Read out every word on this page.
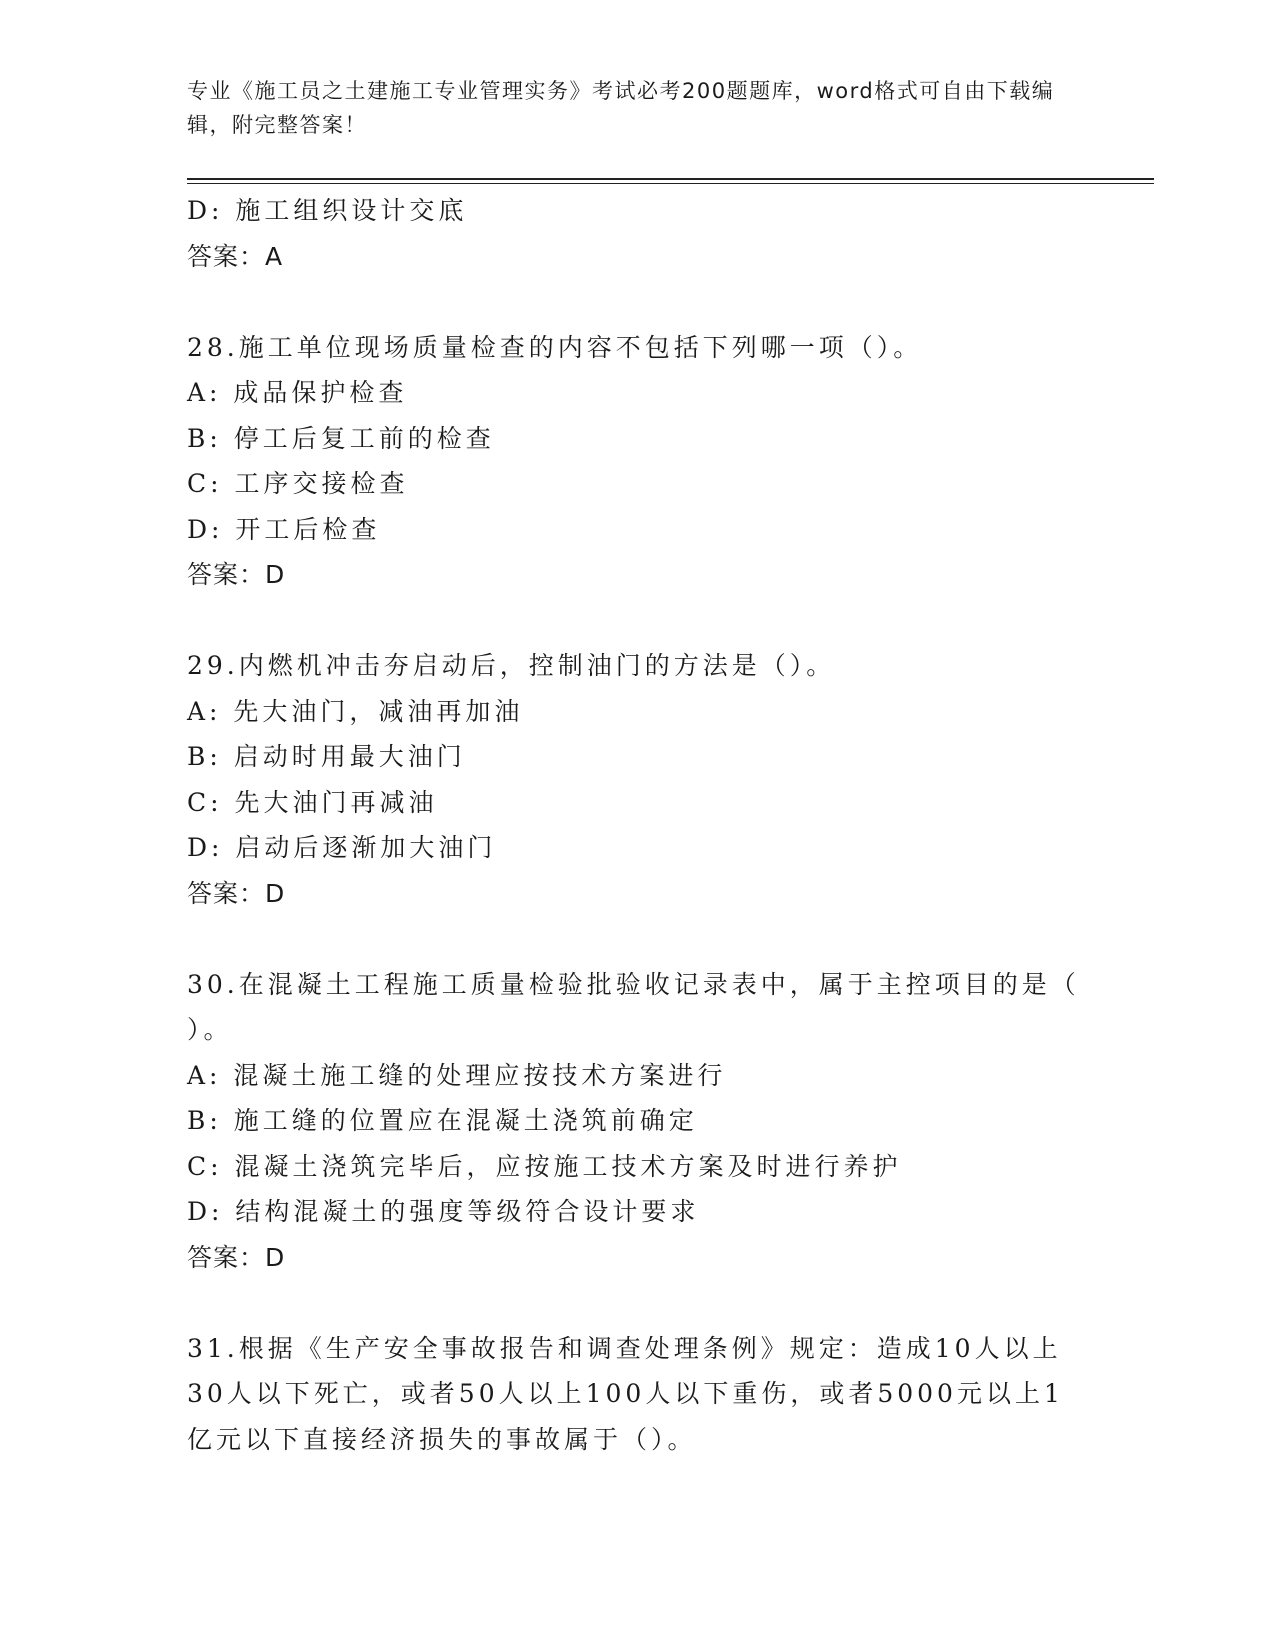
专业《施工员之土建施工专业管理实务》考试必考200题题库，word格式可自由下载编辑，附完整答案！
D: 施工组织设计交底
答案：A
28.施工单位现场质量检查的内容不包括下列哪一项（）。
A: 成品保护检查
B: 停工后复工前的检查
C: 工序交接检查
D: 开工后检查
答案：D
29.内燃机冲击夯启动后，控制油门的方法是（）。
A: 先大油门，减油再加油
B: 启动时用最大油门
C: 先大油门再减油
D: 启动后逐渐加大油门
答案：D
30.在混凝土工程施工质量检验批验收记录表中，属于主控项目的是（
）。
A: 混凝土施工缝的处理应按技术方案进行
B: 施工缝的位置应在混凝土浇筑前确定
C: 混凝土浇筑完毕后，应按施工技术方案及时进行养护
D: 结构混凝土的强度等级符合设计要求
答案：D
31.根据《生产安全事故报告和调查处理条例》规定：造成10人以上
30人以下死亡，或者50人以上100人以下重伤，或者5000元以上1
亿元以下直接经济损失的事故属于（）。
